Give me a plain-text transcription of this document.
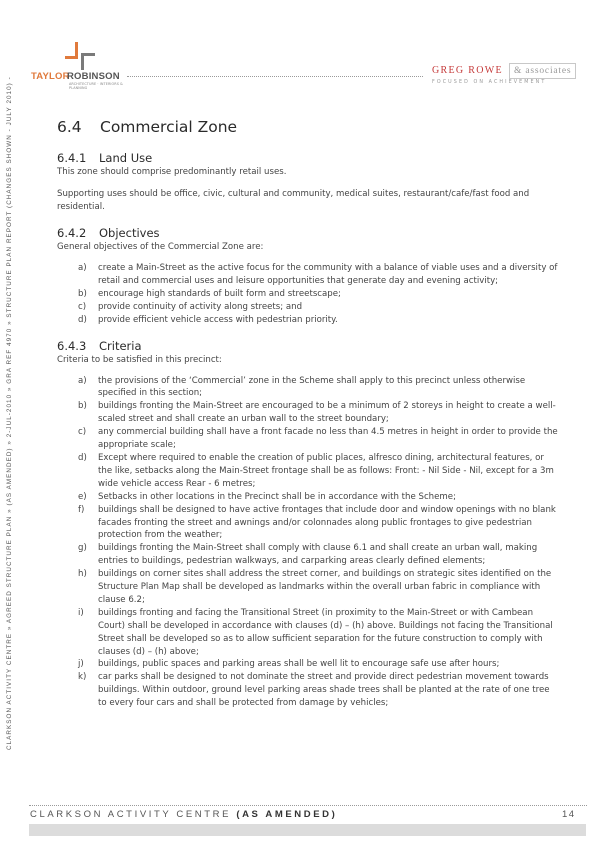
TAYLOR
ROBINSON
ARCHITECTURE · INTERIORS & PLANNING
GREG ROWE	& associates
FOCUSED ON ACHIEVEMENT
CLARKSON ACTIVITY CENTRE » AGREED STRUCTURE PLAN » (AS AMENDED) » 2-JUL-2010 » GRA REF 4970 » STRUCTURE PLAN REPORT (CHANGES SHOWN - JULY 2010) -	6.4	Commercial Zone
6.4.1	Land Use

This zone should comprise predominantly retail uses.

Supporting uses should be office, civic, cultural and community, medical suites, restaurant/cafe/fast food and residential.

6.4.2	Objectives

General objectives of the Commercial Zone are:

a)	create a Main-Street as the active focus for the community with a balance of viable uses and a diversity of retail and commercial uses and leisure opportunities that generate day and evening activity;
b)	encourage high standards of built form and streetscape;
c)	provide continuity of activity along streets; and
d)	provide efficient vehicle access with pedestrian priority.
6.4.3	Criteria

Criteria to be satisfied in this precinct:

a)	the provisions of the ‘Commercial’ zone in the Scheme shall apply to this precinct unless otherwise specified in this section;
b)	buildings fronting the Main-Street are encouraged to be a minimum of 2 storeys in height to create a well-scaled street and shall create an urban wall to the street boundary;
c)	any commercial building shall have a front facade no less than 4.5 metres in height in order to provide the appropriate scale;
d)	Except where required to enable the creation of public places, alfresco dining, architectural features, or the like, setbacks along the Main-Street frontage shall be as follows: Front: - Nil Side - Nil, except for a 3m wide vehicle access Rear - 6 metres;
e)	Setbacks in other locations in the Precinct shall be in accordance with the Scheme;
f)	buildings shall be designed to have active frontages that include door and window openings with no blank facades fronting the street and awnings and/or colonnades along public frontages to give pedestrian protection from the weather;
g)	buildings fronting the Main-Street shall comply with clause 6.1 and shall create an urban wall, making entries to buildings, pedestrian walkways, and carparking areas clearly defined elements;
h)	buildings on corner sites shall address the street corner, and buildings on strategic sites identified on the Structure Plan Map shall be developed as landmarks within the overall urban fabric in compliance with clause 6.2;
i)	buildings fronting and facing the Transitional Street (in proximity to the Main-Street or with Cambean Court) shall be developed in accordance with clauses (d) – (h) above. Buildings not facing the Transitional Street shall be developed so as to allow sufficient separation for the future construction to comply with clauses (d) – (h) above;
j)	buildings, public spaces and parking areas shall be well lit to encourage safe use after hours;
k)	car parks shall be designed to not dominate the street and provide direct pedestrian movement towards buildings. Within outdoor, ground level parking areas shade trees shall be planted at the rate of one tree to every four cars and shall be protected from damage by vehicles;
CLARKSON ACTIVITY CENTRE (AS AMENDED)	14
